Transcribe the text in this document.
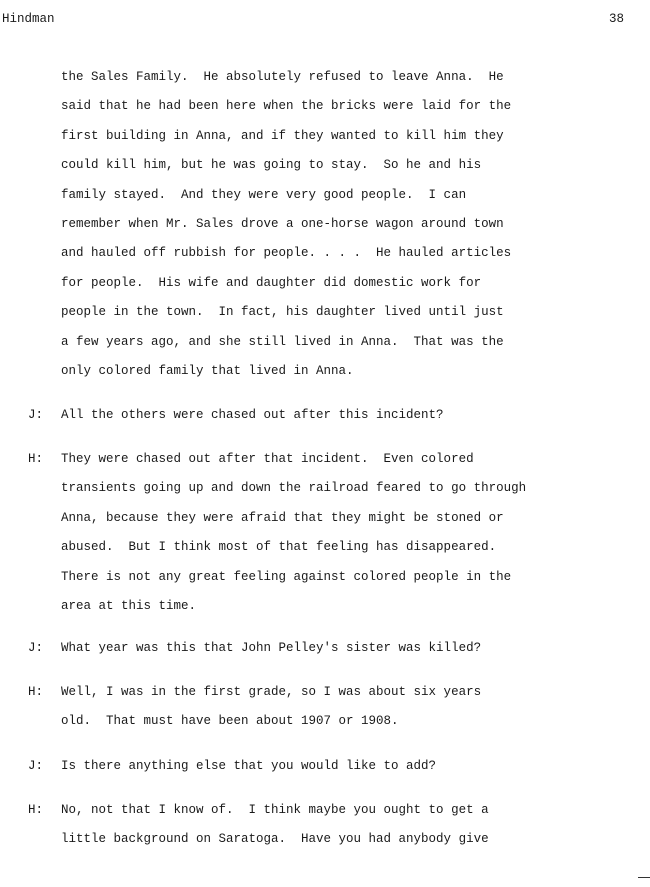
Hindman	38
the Sales Family.  He absolutely refused to leave Anna.  He
said that he had been here when the bricks were laid for the
first building in Anna, and if they wanted to kill him they
could kill him, but he was going to stay.  So he and his
family stayed.  And they were very good people.  I can
remember when Mr. Sales drove a one-horse wagon around town
and hauled off rubbish for people. . . .  He hauled articles
for people.  His wife and daughter did domestic work for
people in the town.  In fact, his daughter lived until just
a few years ago, and she still lived in Anna.  That was the
only colored family that lived in Anna.
J:	All the others were chased out after this incident?
H:	They were chased out after that incident.  Even colored
transients going up and down the railroad feared to go through
Anna, because they were afraid that they might be stoned or
abused.  But I think most of that feeling has disappeared.
There is not any great feeling against colored people in the
area at this time.
J:	What year was this that John Pelley's sister was killed?
H:	Well, I was in the first grade, so I was about six years
old.  That must have been about 1907 or 1908.
J:	Is there anything else that you would like to add?
H:	No, not that I know of.  I think maybe you ought to get a
little background on Saratoga.  Have you had anybody give
